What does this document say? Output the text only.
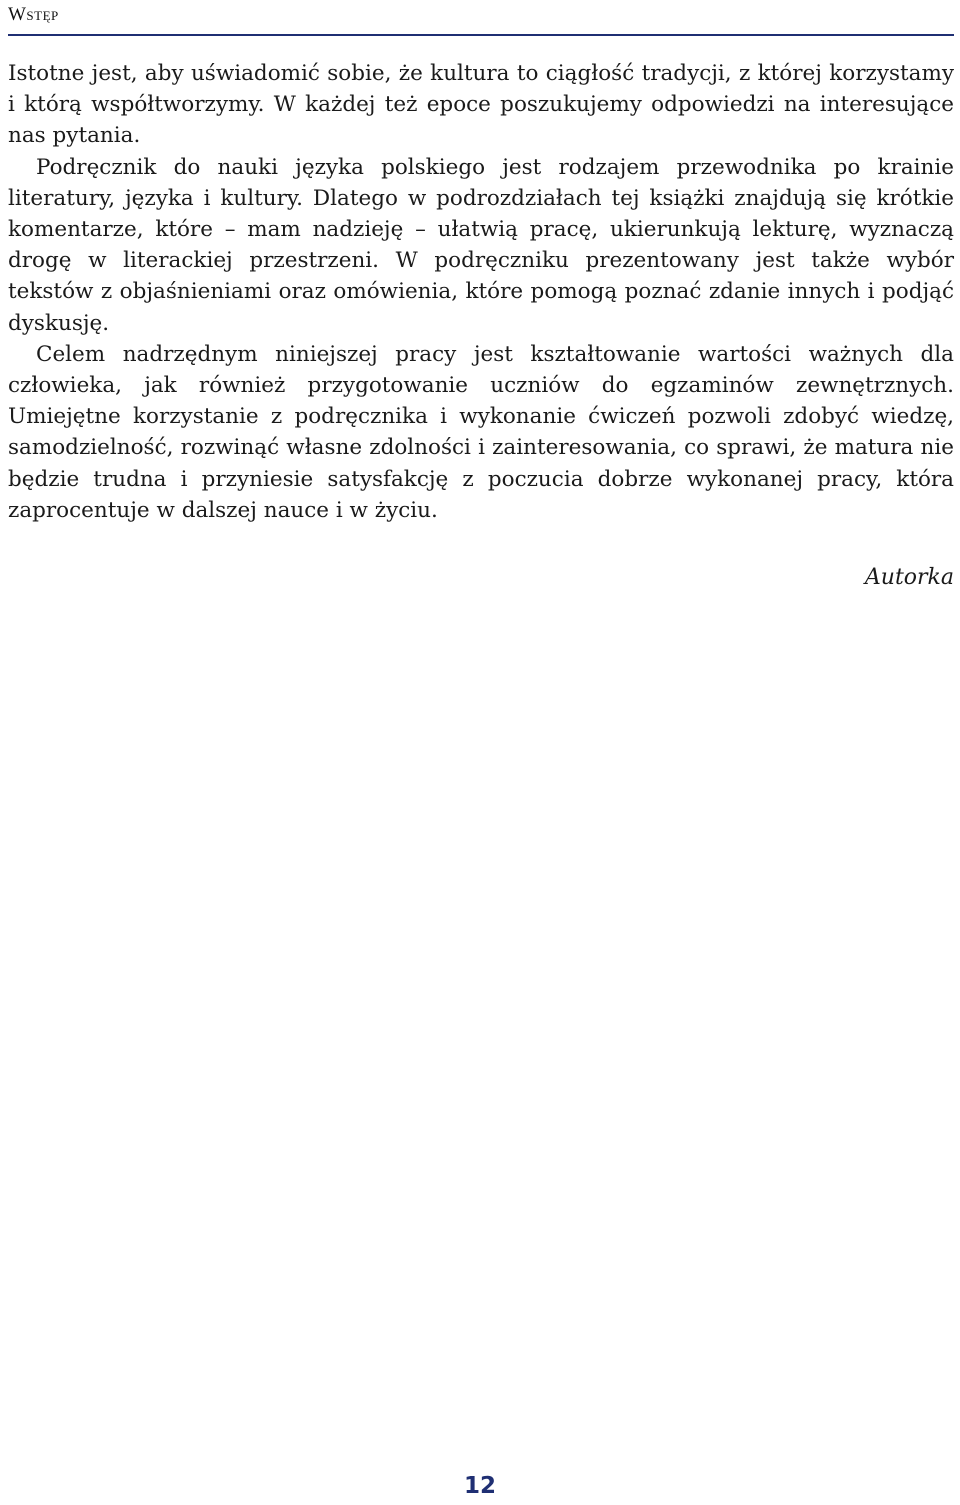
Wstęp

Istotne jest, aby uświadomić sobie, że kultura to ciągłość tradycji, z której korzystamy i którą współtworzymy. W każdej też epoce poszukujemy odpowiedzi na interesujące nas pytania.

Podręcznik do nauki języka polskiego jest rodzajem przewodnika po krainie literatury, języka i kultury. Dlatego w podrozdziałach tej książki znajdują się krótkie komentarze, które – mam nadzieję – ułatwią pracę, ukierunkują lekturę, wyznaczą drogę w literackiej przestrzeni. W podręczniku prezentowany jest także wybór tekstów z objaśnieniami oraz omówienia, które pomogą poznać zdanie innych i podjąć dyskusję.

Celem nadrzędnym niniejszej pracy jest kształtowanie wartości ważnych dla człowieka, jak również przygotowanie uczniów do egzaminów zewnętrznych. Umiejętne korzystanie z podręcznika i wykonanie ćwiczeń pozwoli zdobyć wiedzę, samodzielność, rozwinąć własne zdolności i zainteresowania, co sprawi, że matura nie będzie trudna i przyniesie satysfakcję z poczucia dobrze wykonanej pracy, która zaprocentuje w dalszej nauce i w życiu.

Autorka
12
